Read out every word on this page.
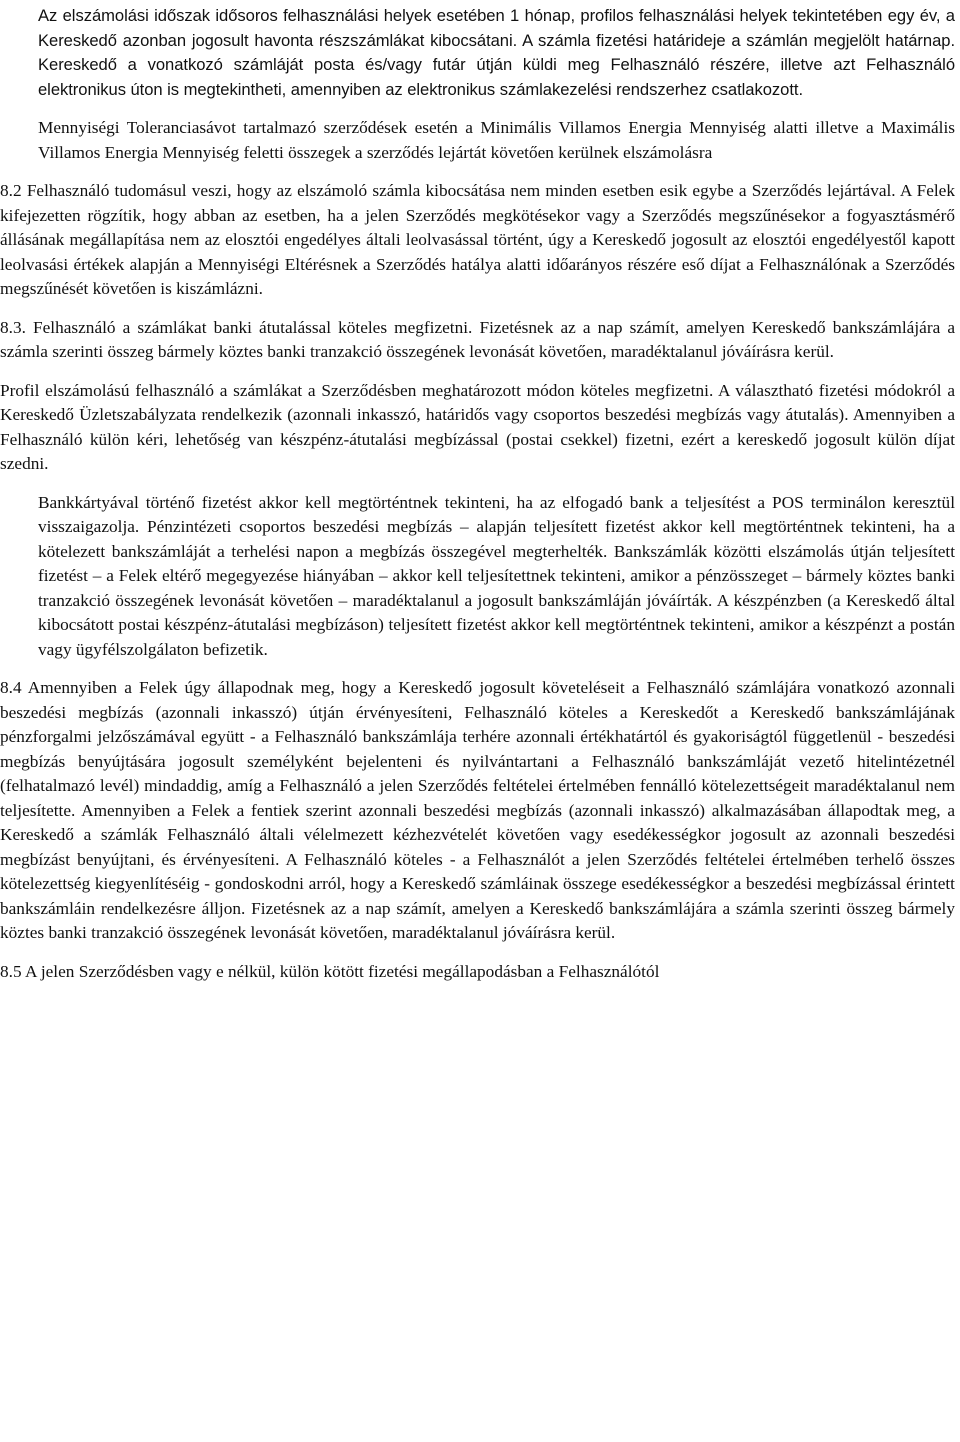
Az elszámolási időszak idősoros felhasználási helyek esetében 1 hónap, profilos felhasználási helyek tekintetében egy év, a Kereskedő azonban jogosult havonta részszámlákat kibocsátani. A számla fizetési határideje a számlán megjelölt határnap. Kereskedő a vonatkozó számláját posta és/vagy futár útján küldi meg Felhasználó részére, illetve azt Felhasználó elektronikus úton is megtekintheti, amennyiben az elektronikus számlakezelési rendszerhez csatlakozott.

Mennyiségi Toleranciasávot tartalmazó szerződések esetén a Minimális Villamos Energia Mennyiség alatti illetve a Maximális Villamos Energia Mennyiség feletti összegek a szerződés lejártát követően kerülnek elszámolásra

8.2 Felhasználó tudomásul veszi, hogy az elszámoló számla kibocsátása nem minden esetben esik egybe a Szerződés lejártával. A Felek kifejezetten rögzítik, hogy abban az esetben, ha a jelen Szerződés megkötésekor vagy a Szerződés megszűnésekor a fogyasztásmérő állásának megállapítása nem az elosztói engedélyes általi leolvasással történt, úgy a Kereskedő jogosult az elosztói engedélyestől kapott leolvasási értékek alapján a Mennyiségi Eltérésnek a Szerződés hatálya alatti időarányos részére eső díjat a Felhasználónak a Szerződés megszűnését követően is kiszámlázni.

8.3. Felhasználó a számlákat banki átutalással köteles megfizetni. Fizetésnek az a nap számít, amelyen Kereskedő bankszámlájára a számla szerinti összeg bármely köztes banki tranzakció összegének levonását követően, maradéktalanul jóváírásra kerül.

Profil elszámolású felhasználó a számlákat a Szerződésben meghatározott módon köteles megfizetni. A választható fizetési módokról a Kereskedő Üzletszabályzata rendelkezik (azonnali inkasszó, határidős vagy csoportos beszedési megbízás vagy átutalás). Amennyiben a Felhasználó külön kéri, lehetőség van készpénz-átutalási megbízással (postai csekkel) fizetni, ezért a kereskedő jogosult külön díjat szedni.

Bankkártyával történő fizetést akkor kell megtörténtnek tekinteni, ha az elfogadó bank a teljesítést a POS terminálon keresztül visszaigazolja. Pénzintézeti csoportos beszedési megbízás – alapján teljesített fizetést akkor kell megtörténtnek tekinteni, ha a kötelezett bankszámláját a terhelési napon a megbízás összegével megterhelték. Bankszámlák közötti elszámolás útján teljesített fizetést – a Felek eltérő megegyezése hiányában – akkor kell teljesítettnek tekinteni, amikor a pénzösszeget – bármely köztes banki tranzakció összegének levonását követően – maradéktalanul a jogosult bankszámláján jóváírták. A készpénzben (a Kereskedő által kibocsátott postai készpénz-átutalási megbízáson) teljesített fizetést akkor kell megtörténtnek tekinteni, amikor a készpénzt a postán vagy ügyfélszolgálaton befizetik.

8.4 Amennyiben a Felek úgy állapodnak meg, hogy a Kereskedő jogosult követeléseit a Felhasználó számlájára vonatkozó azonnali beszedési megbízás (azonnali inkasszó) útján érvényesíteni, Felhasználó köteles a Kereskedőt a Kereskedő bankszámlájának pénzforgalmi jelzőszámával együtt - a Felhasználó bankszámlája terhére azonnali értékhatártól és gyakoriságtól függetlenül - beszedési megbízás benyújtására jogosult személyként bejelenteni és nyilvántartani a Felhasználó bankszámláját vezető hitelintézetnél (felhatalmazó levél) mindaddig, amíg a Felhasználó a jelen Szerződés feltételei értelmében fennálló kötelezettségeit maradéktalanul nem teljesítette. Amennyiben a Felek a fentiek szerint azonnali beszedési megbízás (azonnali inkasszó) alkalmazásában állapodtak meg, a Kereskedő a számlák Felhasználó általi vélelmezett kézhezvételét követően vagy esedékességkor jogosult az azonnali beszedési megbízást benyújtani, és érvényesíteni. A Felhasználó köteles - a Felhasználót a jelen Szerződés feltételei értelmében terhelő összes kötelezettség kiegyenlítéséig - gondoskodni arról, hogy a Kereskedő számláinak összege esedékességkor a beszedési megbízással érintett bankszámláin rendelkezésre álljon. Fizetésnek az a nap számít, amelyen a Kereskedő bankszámlájára a számla szerinti összeg bármely köztes banki tranzakció összegének levonását követően, maradéktalanul jóváírásra kerül.

8.5 A jelen Szerződésben vagy e nélkül, külön kötött fizetési megállapodásban a Felhasználótól
